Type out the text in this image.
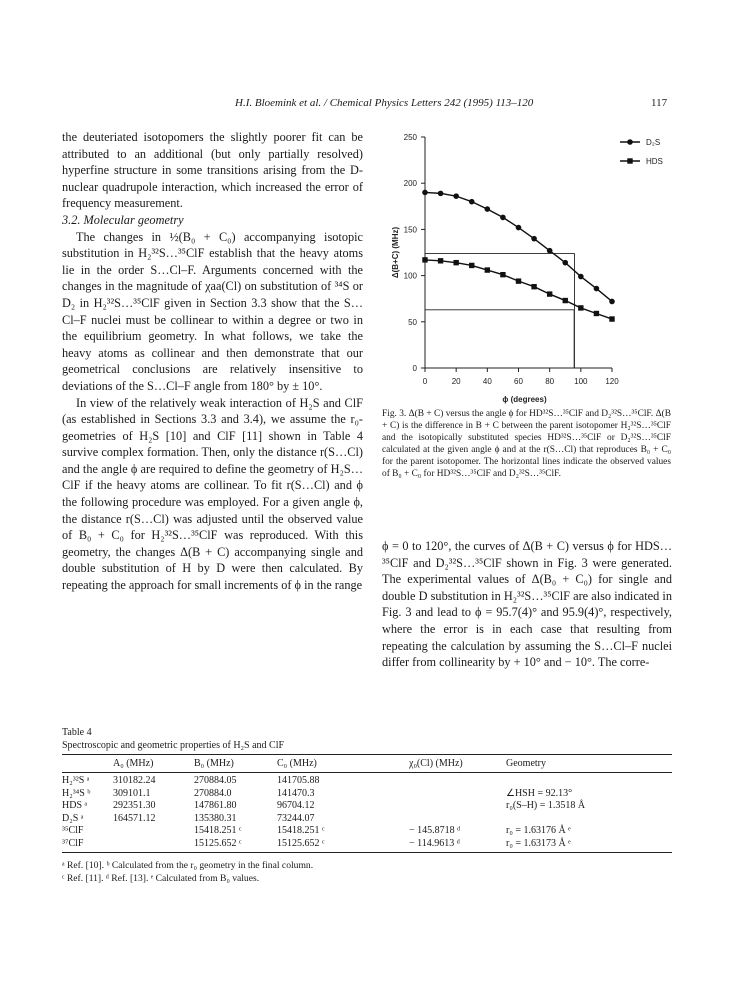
H.I. Bloemink et al. / Chemical Physics Letters 242 (1995) 113–120	117

the deuteriated isotopomers the slightly poorer fit can be attributed to an additional (but only partially resolved) hyperfine structure in some transitions arising from the D-nuclear quadrupole interaction, which increased the error of frequency measurement.

3.2. Molecular geometry

The changes in ½(B₀ + C₀) accompanying isotopic substitution in H₂³²S…³⁵ClF establish that the heavy atoms lie in the order S…Cl–F. Arguments concerned with the changes in the magnitude of χaa(Cl) on substitution of ³⁴S or D₂ in H₂³²S…³⁵ClF given in Section 3.3 show that the S…Cl–F nuclei must be collinear to within a degree or two in the equilibrium geometry. In what follows, we take the heavy atoms as collinear and then demonstrate that our geometrical conclusions are relatively insensitive to deviations of the S…Cl–F angle from 180° by ± 10°.

In view of the relatively weak interaction of H₂S and ClF (as established in Sections 3.3 and 3.4), we assume the r₀-geometries of H₂S [10] and ClF [11] shown in Table 4 survive complex formation. Then, only the distance r(S…Cl) and the angle ϕ are required to define the geometry of H₂S…ClF if the heavy atoms are collinear. To fit r(S…Cl) and ϕ the following procedure was employed. For a given angle ϕ, the distance r(S…Cl) was adjusted until the observed value of B₀ + C₀ for H₂³²S…³⁵ClF was reproduced. With this geometry, the changes Δ(B + C) accompanying single and double substitution of H by D were then calculated. By repeating the approach for small increments of ϕ in the range

0
50
100
150
200
250
0	20	40	60	80	100 120
ϕ (degrees)
Δ(B+C) (MHz)
D₂S
HDS
Fig. 3. Δ(B + C) versus the angle ϕ for HD³²S…³⁵ClF and D₂³²S…³⁵ClF. Δ(B + C) is the difference in B + C between the parent isotopomer H₂³²S…³⁵ClF and the isotopically substituted species HD³²S…³⁵ClF or D₂³²S…³⁵ClF calculated at the given angle ϕ and at the r(S…Cl) that reproduces B₀ + C₀ for the parent isotopomer. The horizontal lines indicate the observed values of B₀ + C₀ for HD³²S…³⁵ClF and D₂³²S…³⁵ClF.

ϕ = 0 to 120°, the curves of Δ(B + C) versus ϕ for HDS…³⁵ClF and D₂³²S…³⁵ClF shown in Fig. 3 were generated. The experimental values of Δ(B₀ + C₀) for single and double D substitution in H₂³²S…³⁵ClF are also indicated in Fig. 3 and lead to ϕ = 95.7(4)° and 95.9(4)°, respectively, where the error is in each case that resulting from repeating the calculation by assuming the S…Cl–F nuclei differ from collinearity by + 10° and − 10°. The corre-

Table 4
Spectroscopic and geometric properties of H₂S and ClF
	A₀ (MHz)	B₀ (MHz)	C₀ (MHz)	χ₀(Cl) (MHz)	Geometry
H₂³²S ᵃ	310182.24	270884.05	141705.88		
H₂³⁴S ᵇ	309101.1	270884.0	141470.3		∠HSH = 92.13°
HDS ᵃ	292351.30	147861.80	96704.12		r₀(S–H) = 1.3518 Å
D₂S ᵃ	164571.12	135380.31	73244.07		
³⁵ClF		15418.251 ᶜ	15418.251 ᶜ	− 145.8718 ᵈ	r₀ = 1.63176 Å ᵉ
³⁷ClF		15125.652 ᶜ	15125.652 ᶜ	− 114.9613 ᵈ	r₀ = 1.63173 Å ᵉ
ᵃ Ref. [10]. ᵇ Calculated from the r₀ geometry in the final column.
ᶜ Ref. [11]. ᵈ Ref. [13]. ᵉ Calculated from B₀ values.
